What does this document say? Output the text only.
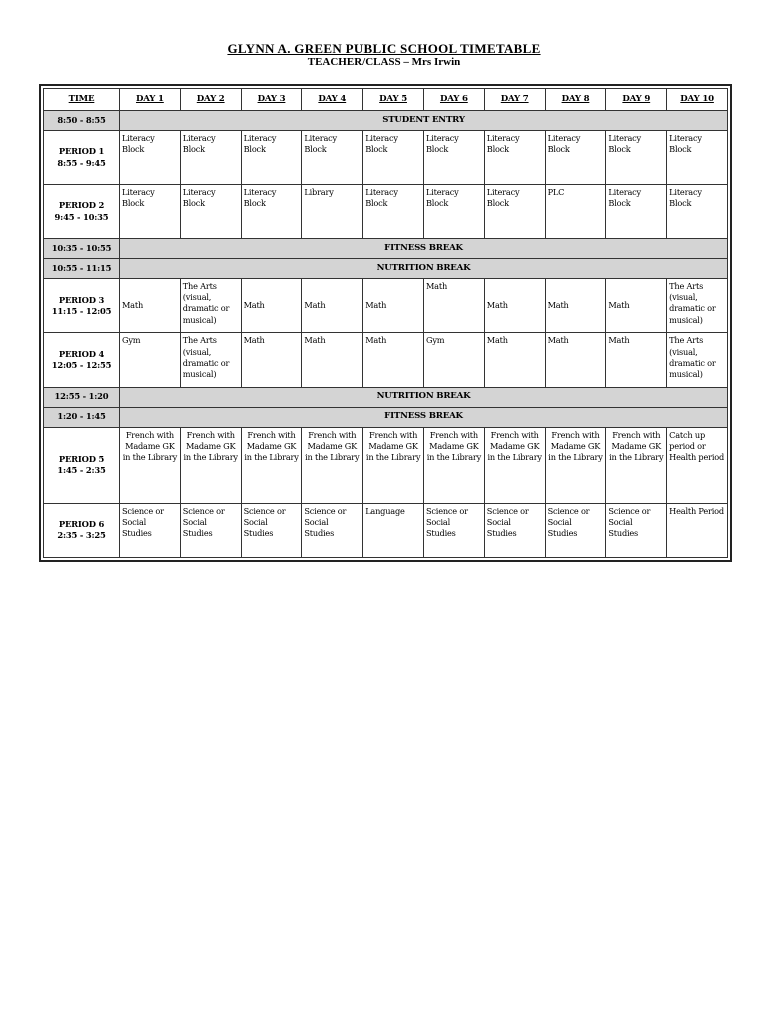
GLYNN A. GREEN PUBLIC SCHOOL TIMETABLE
TEACHER/CLASS – Mrs Irwin
TIME	DAY 1	DAY 2	DAY 3	DAY 4	DAY 5	DAY 6	DAY 7	DAY 8	DAY 9	DAY 10
8:50 - 8:55	STUDENT ENTRY									

PERIOD 1
8:55 - 9:45	Literacy Block	Literacy Block	Literacy Block	Literacy Block	Literacy Block	Literacy Block	Literacy Block	Literacy Block	Literacy Block	Literacy Block

PERIOD 2
9:45 - 10:35	Literacy Block	Literacy Block	Literacy Block	Library	Literacy Block	Literacy Block	Literacy Block	PLC	Literacy Block	Literacy Block
10:35 - 10:55	FITNESS BREAK									
10:55 - 11:15	NUTRITION BREAK									

PERIOD 3
11:15 - 12:05	Math	The Arts (visual, dramatic or musical)	Math	Math	Math	Math	Math	Math	Math	The Arts (visual, dramatic or musical)

PERIOD 4
12:05 - 12:55	Gym	The Arts (visual, dramatic or musical)	Math	Math	Math	Gym	Math	Math	Math	The Arts (visual, dramatic or musical)
12:55 - 1:20	NUTRITION BREAK									
1:20 - 1:45	FITNESS BREAK									

PERIOD 5
1:45 - 2:35	French with Madame GK in the Library	French with Madame GK in the Library	French with Madame GK in the Library	French with Madame GK in the Library	French with Madame GK in the Library	French with Madame GK in the Library	French with Madame GK in the Library	French with Madame GK in the Library	French with Madame GK in the Library	Catch up period or Health period

PERIOD 6
2:35 - 3:25	Science or Social Studies	Science or Social Studies	Science or Social Studies	Science or Social Studies	Language	Science or Social Studies	Science or Social Studies	Science or Social Studies	Science or Social Studies	Health Period
